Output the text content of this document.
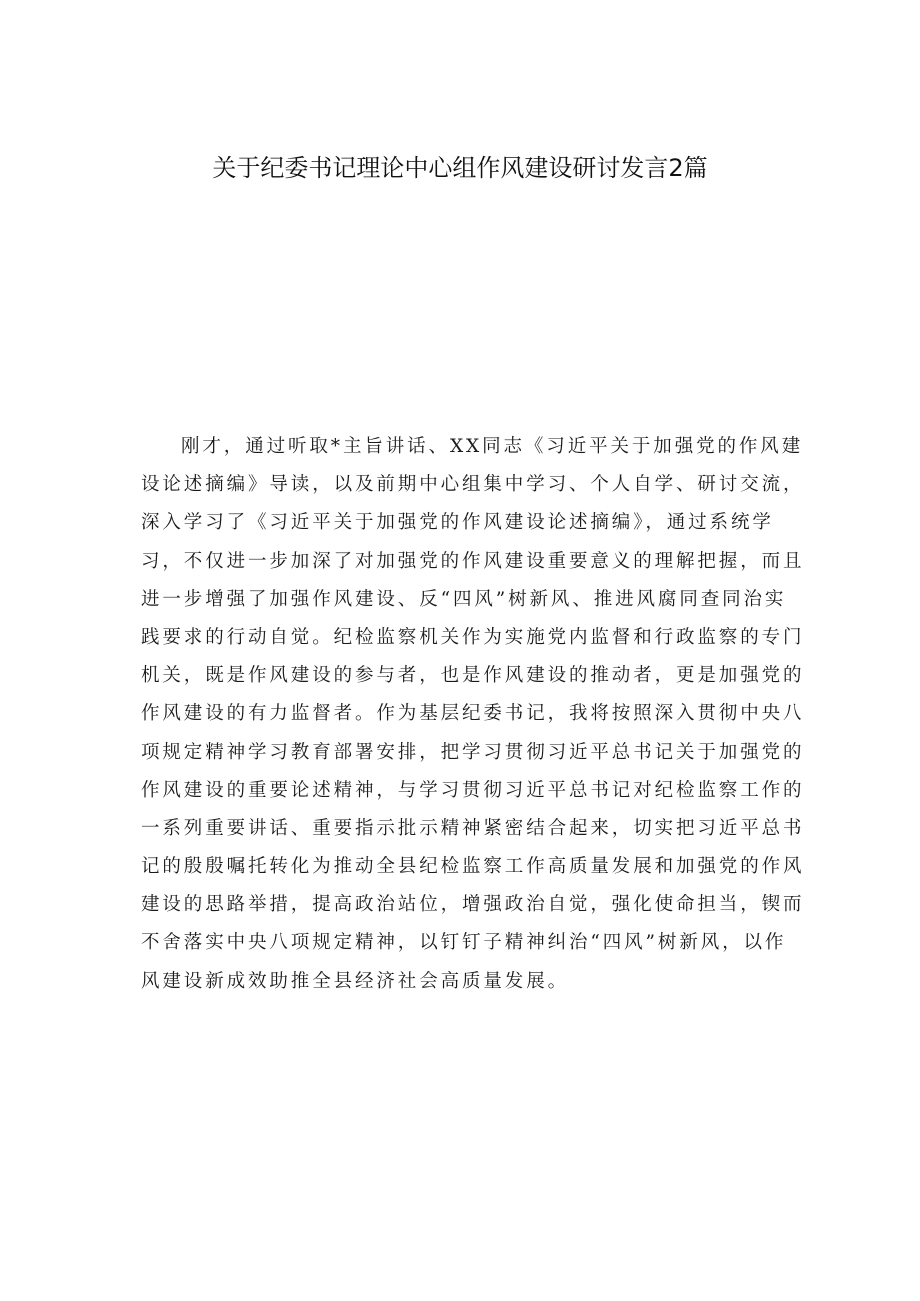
关于纪委书记理论中心组作风建设研讨发言2篇
刚才，通过听取*主旨讲话、XX同志《习近平关于加强党的作风建
设论述摘编》导读，以及前期中心组集中学习、个人自学、研讨交流，
深入学习了《习近平关于加强党的作风建设论述摘编》，通过系统学
习，不仅进一步加深了对加强党的作风建设重要意义的理解把握，而且
进一步增强了加强作风建设、反“四风”树新风、推进风腐同查同治实
践要求的行动自觉。纪检监察机关作为实施党内监督和行政监察的专门
机关，既是作风建设的参与者，也是作风建设的推动者，更是加强党的
作风建设的有力监督者。作为基层纪委书记，我将按照深入贯彻中央八
项规定精神学习教育部署安排，把学习贯彻习近平总书记关于加强党的
作风建设的重要论述精神，与学习贯彻习近平总书记对纪检监察工作的
一系列重要讲话、重要指示批示精神紧密结合起来，切实把习近平总书
记的殷殷嘱托转化为推动全县纪检监察工作高质量发展和加强党的作风
建设的思路举措，提高政治站位，增强政治自觉，强化使命担当，锲而
不舍落实中央八项规定精神，以钉钉子精神纠治“四风”树新风，以作
风建设新成效助推全县经济社会高质量发展。
